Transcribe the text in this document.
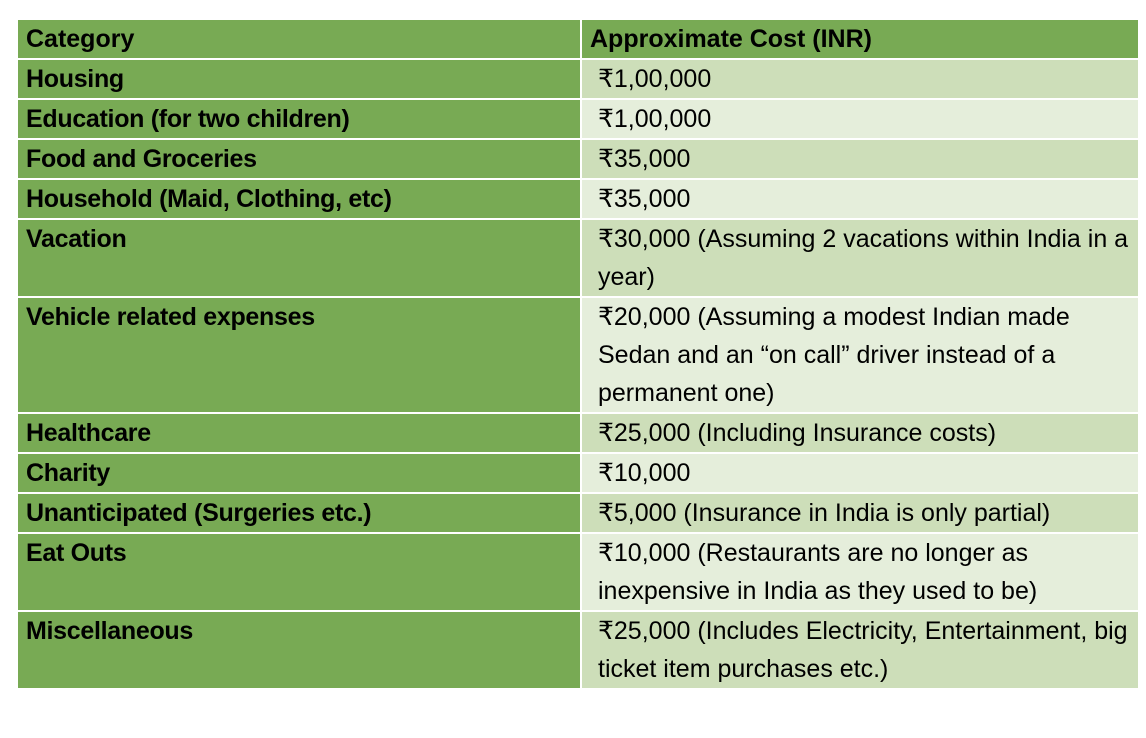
Category	Approximate Cost (INR)
Housing	₹1,00,000
Education (for two children)	₹1,00,000
Food and Groceries	₹35,000
Household (Maid, Clothing, etc)	₹35,000
Vacation	₹30,000 (Assuming 2 vacations within India in a year)
Vehicle related expenses	₹20,000 (Assuming a modest Indian made Sedan and an “on call” driver instead of a permanent one)
Healthcare	₹25,000 (Including Insurance costs)
Charity	₹10,000
Unanticipated (Surgeries etc.)	₹5,000 (Insurance in India is only partial)
Eat Outs	₹10,000 (Restaurants are no longer as inexpensive in India as they used to be)
Miscellaneous	₹25,000 (Includes Electricity, Entertainment, big ticket item purchases etc.)
